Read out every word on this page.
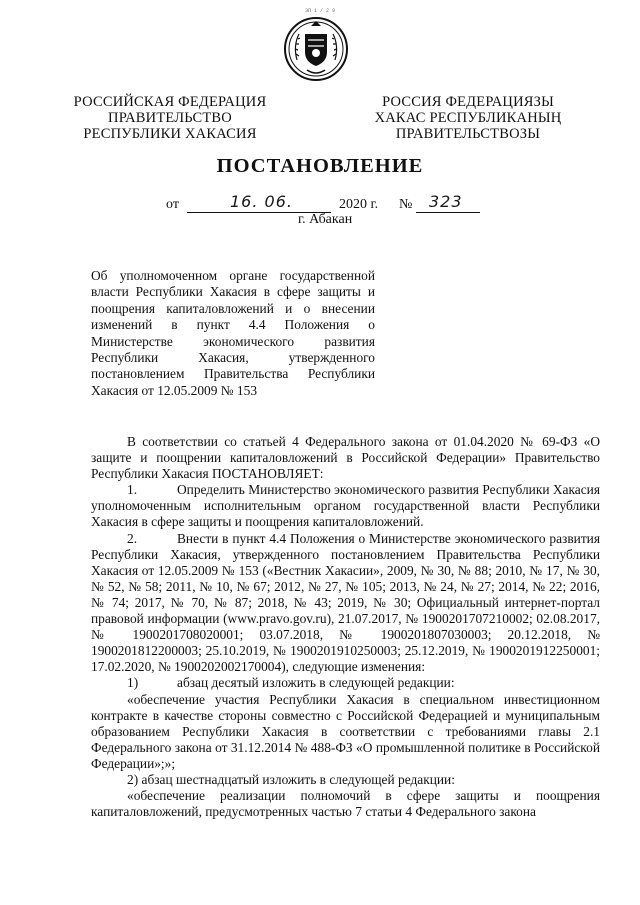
ЭП 1 / 2 9
РОССИЙСКАЯ ФЕДЕРАЦИЯ
ПРАВИТЕЛЬСТВО
РЕСПУБЛИКИ ХАКАСИЯ
РОССИЯ ФЕДЕРАЦИЯЗЫ
ХАКАС РЕСПУБЛИКАНЫҢ
ПРАВИТЕЛЬСТВОЗЫ
ПОСТАНОВЛЕНИЕ
от	16. 06.	2020 г. № 323
г. Абакан
Об уполномоченном органе государственной власти Республики Хакасия в сфере защиты и поощрения капиталовложений и о внесении изменений в пункт 4.4 Положения о Министерстве экономического развития Республики Хакасия, утвержденного постановлением Правительства Республики Хакасия от 12.05.2009 № 153

В соответствии со статьей 4 Федерального закона от 01.04.2020 № 69-ФЗ «О защите и поощрении капиталовложений в Российской Федерации» Правительство Республики Хакасия ПОСТАНОВЛЯЕТ:

1.	Определить Министерство экономического развития Республики Хакасия уполномоченным исполнительным органом государственной власти Республики Хакасия в сфере защиты и поощрения капиталовложений.

2.	Внести в пункт 4.4 Положения о Министерстве экономического развития Республики Хакасия, утвержденного постановлением Правительства Республики Хакасия от 12.05.2009 № 153 («Вестник Хакасии», 2009, № 30, № 88; 2010, № 17, № 30, № 52, № 58; 2011, № 10, № 67; 2012, № 27, № 105; 2013, № 24, № 27; 2014, № 22; 2016, № 74; 2017, № 70, № 87; 2018, № 43; 2019, № 30; Официальный интернет-портал правовой информации (www.pravo.gov.ru), 21.07.2017, № 1900201707210002; 02.08.2017, № 1900201708020001; 03.07.2018, № 1900201807030003; 20.12.2018, № 1900201812200003; 25.10.2019, № 1900201910250003; 25.12.2019, № 1900201912250001; 17.02.2020, № 1900202002170004), следующие изменения:

1)	абзац десятый изложить в следующей редакции:

«обеспечение участия Республики Хакасия в специальном инвестиционном контракте в качестве стороны совместно с Российской Федерацией и муниципальным образованием Республики Хакасия в соответствии с требованиями главы 2.1 Федерального закона от 31.12.2014 № 488-ФЗ «О промышленной политике в Российской Федерации»;»;

2) абзац шестнадцатый изложить в следующей редакции:

«обеспечение реализации полномочий в сфере защиты и поощрения капиталовложений, предусмотренных частью 7 статьи 4 Федерального закона
